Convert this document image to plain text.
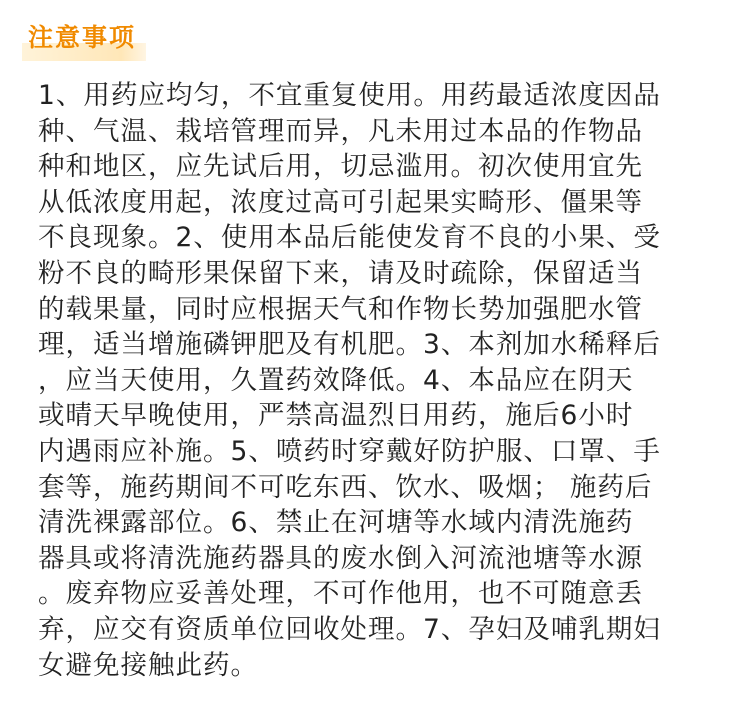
注意事项
1、用药应均匀，不宜重复使用。用药最适浓度因品
种、气温、栽培管理而异，凡未用过本品的作物品
种和地区，应先试后用，切忌滥用。初次使用宜先
从低浓度用起，浓度过高可引起果实畸形、僵果等
不良现象。2、使用本品后能使发育不良的小果、受
粉不良的畸形果保留下来，请及时疏除，保留适当
的载果量，同时应根据天气和作物长势加强肥水管
理，适当增施磷钾肥及有机肥。3、本剂加水稀释后
，应当天使用，久置药效降低。4、本品应在阴天
或晴天早晚使用，严禁高温烈日用药，施后6小时
内遇雨应补施。5、喷药时穿戴好防护服、口罩、手
套等，施药期间不可吃东西、饮水、吸烟； 施药后
清洗裸露部位。6、禁止在河塘等水域内清洗施药
器具或将清洗施药器具的废水倒入河流池塘等水源
。废弃物应妥善处理，不可作他用，也不可随意丢
弃，应交有资质单位回收处理。7、孕妇及哺乳期妇
女避免接触此药。
